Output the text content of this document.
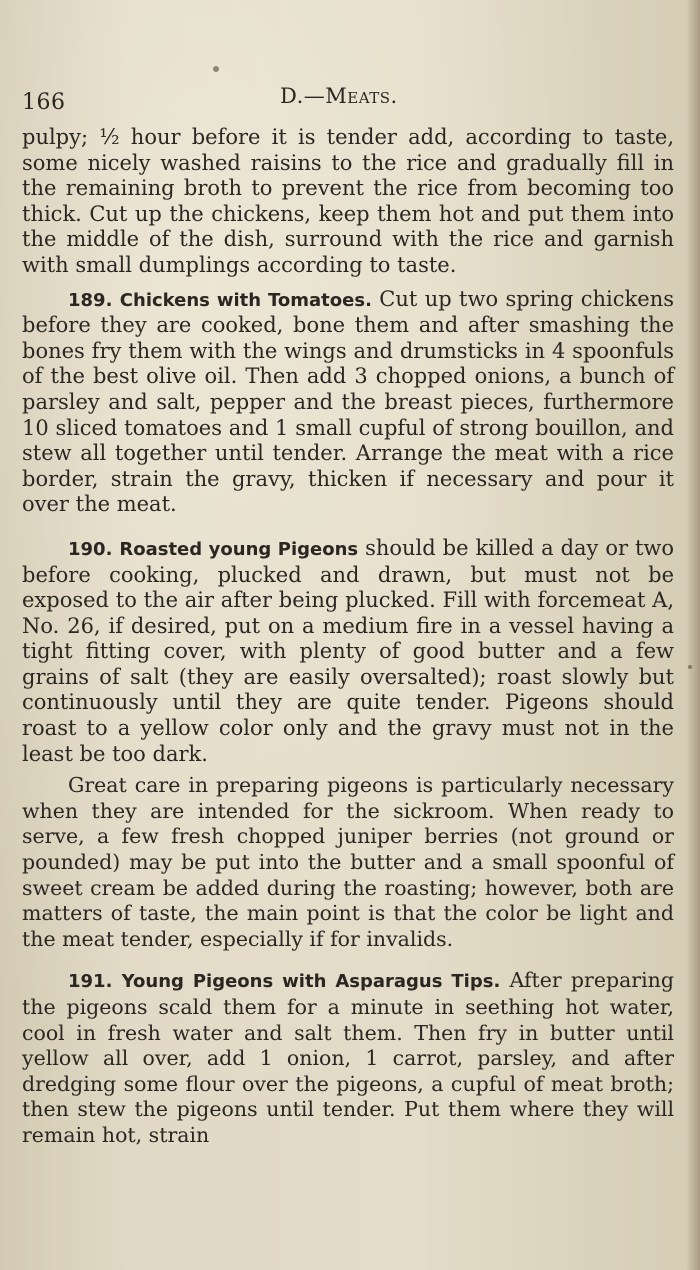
166	D.—Meats.

pulpy; ½ hour before it is tender add, according to taste, some nicely washed raisins to the rice and gradually fill in the remaining broth to prevent the rice from becoming too thick. Cut up the chickens, keep them hot and put them into the middle of the dish, surround with the rice and garnish with small dumplings according to taste.

189. Chickens with Tomatoes. Cut up two spring chickens before they are cooked, bone them and after smashing the bones fry them with the wings and drumsticks in 4 spoonfuls of the best olive oil. Then add 3 chopped onions, a bunch of parsley and salt, pepper and the breast pieces, furthermore 10 sliced tomatoes and 1 small cupful of strong bouillon, and stew all together until tender. Arrange the meat with a rice border, strain the gravy, thicken if necessary and pour it over the meat.

190. Roasted young Pigeons should be killed a day or two before cooking, plucked and drawn, but must not be exposed to the air after being plucked. Fill with forcemeat A, No. 26, if desired, put on a medium fire in a vessel having a tight fitting cover, with plenty of good butter and a few grains of salt (they are easily oversalted); roast slowly but continuously until they are quite tender. Pigeons should roast to a yellow color only and the gravy must not in the least be too dark.

Great care in preparing pigeons is particularly necessary when they are intended for the sickroom. When ready to serve, a few fresh chopped juniper berries (not ground or pounded) may be put into the butter and a small spoonful of sweet cream be added during the roasting; however, both are matters of taste, the main point is that the color be light and the meat tender, especially if for invalids.

191. Young Pigeons with Asparagus Tips. After preparing the pigeons scald them for a minute in seething hot water, cool in fresh water and salt them. Then fry in butter until yellow all over, add 1 onion, 1 carrot, parsley, and after dredging some flour over the pigeons, a cupful of meat broth; then stew the pigeons until tender. Put them where they will remain hot, strain
